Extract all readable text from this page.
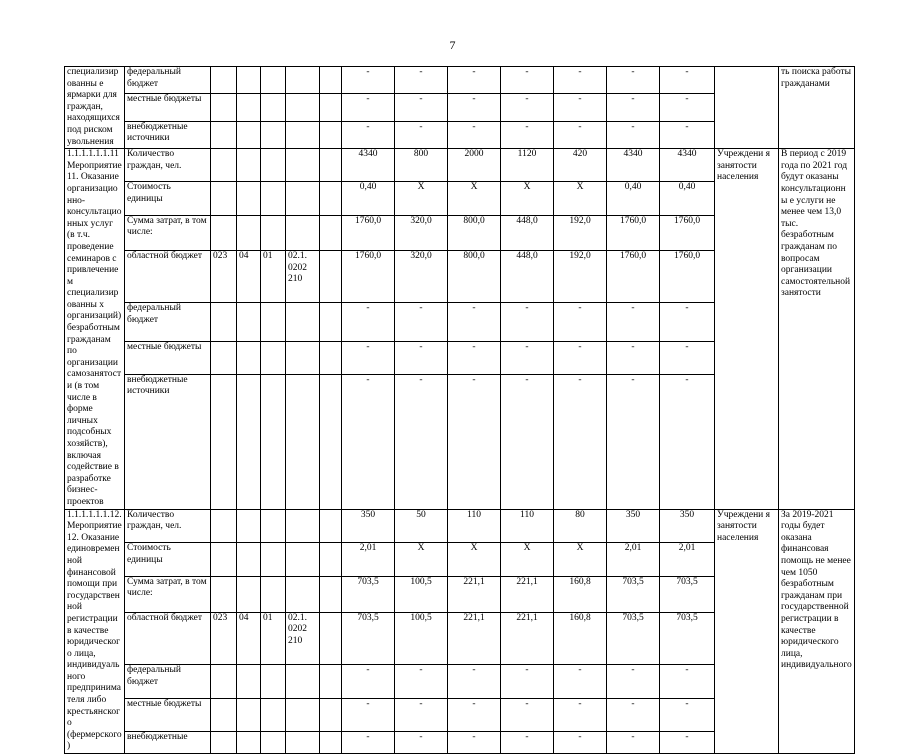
7
специализированны е ярмарки для граждан, находящихся под риском увольнения	федеральный бюджет						-	-	-	-	-	-	-		ть поиска работы гражданами
	местные бюджеты						-	-	-	-	-	-	-		
	внебюджетные источники						-	-	-	-	-	-	-		
1.1.1.1.1.1.11 Мероприятие 11. Оказание организационно-консультационных услуг (в т.ч. проведение семинаров с привлечением специализированны х организаций) безработным гражданам по организации самозанятости (в том числе в форме личных подсобных хозяйств), включая содействие в разработке бизнес-проектов	Количество граждан, чел.						4340	800	2000	1120	420	4340	4340	Учреждени я занятости населения	В период с 2019 года по 2021 год будут оказаны консультационны е услуги не менее чем 13,0 тыс. безработным гражданам по вопросам организации самостоятельной занятости
	Стоимость единицы						0,40	Х	Х	Х	Х	0,40	0,40		
	Сумма затрат, в том числе:						1760,0	320,0	800,0	448,0	192,0	1760,0	1760,0		
	областной бюджет	023	04	01	02.1. 0202 210		1760,0	320,0	800,0	448,0	192,0	1760,0	1760,0		
	федеральный бюджет						-	-	-	-	-	-	-		
	местные бюджеты						-	-	-	-	-	-	-		
	внебюджетные источники						-	-	-	-	-	-	-		
1.1.1.1.1.1.12. Мероприятие 12. Оказание единовременной финансовой помощи при государственной регистрации в качестве юридического лица, индивидуального предпринимателя либо крестьянского (фермерского)	Количество граждан, чел.						350	50	110	110	80	350	350	Учреждени я занятости населения	За 2019-2021 годы будет оказана финансовая помощь не менее чем 1050 безработным гражданам при государственной регистрации в качестве юридического лица, индивидуального
	Стоимость единицы						2,01	Х	Х	Х	Х	2,01	2,01		
	Сумма затрат, в том числе:						703,5	100,5	221,1	221,1	160,8	703,5	703,5		
	областной бюджет	023	04	01	02.1. 0202 210		703,5	100,5	221,1	221,1	160,8	703,5	703,5		
	федеральный бюджет						-	-	-	-	-	-	-		
	местные бюджеты						-	-	-	-	-	-	-		
	внебюджетные						-	-	-	-	-	-	-		
